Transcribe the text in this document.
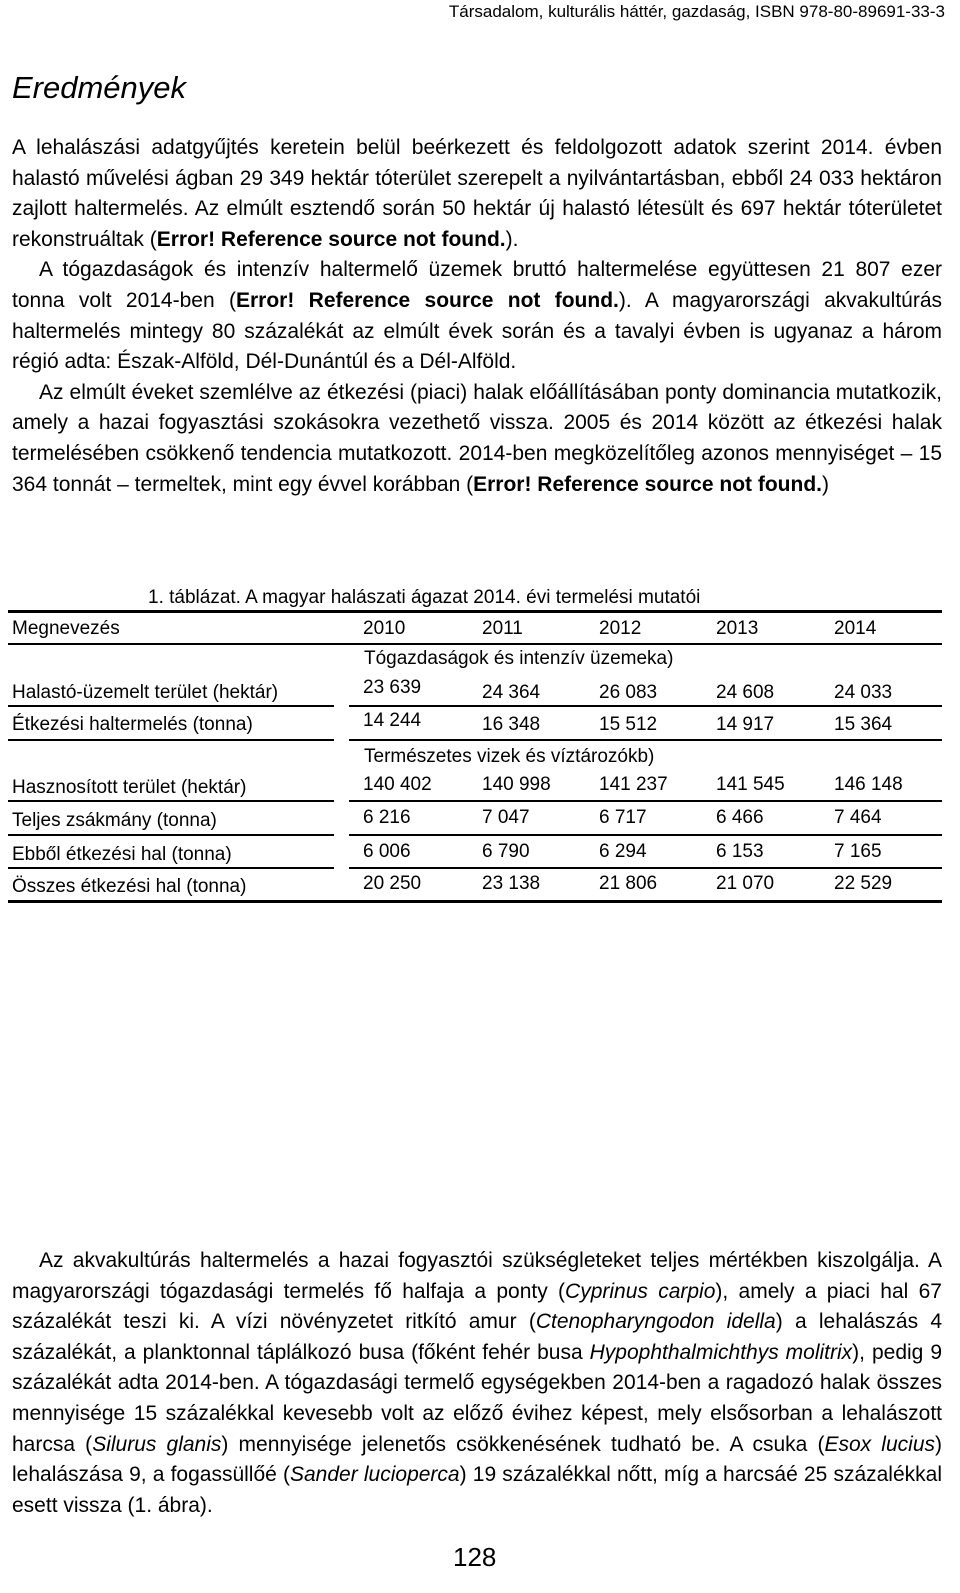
Társadalom, kulturális háttér, gazdaság, ISBN 978-80-89691-33-3
Eredmények
A lehalászási adatgyűjtés keretein belül beérkezett és feldolgozott adatok szerint 2014. évben halastó művelési ágban 29 349 hektár tóterület szerepelt a nyilvántartásban, ebből 24 033 hektáron zajlott haltermelés. Az elmúlt esztendő során 50 hektár új halastó létesült és 697 hektár tóterületet rekonstruáltak (Error! Reference source not found.).
A tógazdaságok és intenzív haltermelő üzemek bruttó haltermelése együttesen 21 807 ezer tonna volt 2014-ben (Error! Reference source not found.). A magyarországi akvakultúrás haltermelés mintegy 80 százalékát az elmúlt évek során és a tavalyi évben is ugyanaz a három régió adta: Észak-Alföld, Dél-Dunántúl és a Dél-Alföld.
Az elmúlt éveket szemlélve az étkezési (piaci) halak előállításában ponty dominancia mutatkozik, amely a hazai fogyasztási szokásokra vezethető vissza. 2005 és 2014 között az étkezési halak termelésében csökkenő tendencia mutatkozott. 2014-ben megközelítőleg azonos mennyiséget – 15 364 tonnát – termeltek, mint egy évvel korábban (Error! Reference source not found.)
1. táblázat. A magyar halászati ágazat 2014. évi termelési mutatói
Megnevezés	2010	2011	2012	2013	2014
Tógazdaságok és intenzív üzemeka)
Halastó-üzemelt terület (hektár)	23 639	24 364	26 083	24 608	24 033
Étkezési haltermelés (tonna)	14 244	16 348	15 512	14 917	15 364
Természetes vizek és víztározókb)
Hasznosított terület (hektár)	140 402	140 998	141 237	141 545	146 148
Teljes zsákmány (tonna)	6 216	7 047	6 717	6 466	7 464
Ebből étkezési hal (tonna)	6 006	6 790	6 294	6 153	7 165
Összes étkezési hal (tonna)	20 250	23 138	21 806	21 070	22 529
Az akvakultúrás haltermelés a hazai fogyasztói szükségleteket teljes mértékben kiszolgálja. A magyarországi tógazdasági termelés fő halfaja a ponty (Cyprinus carpio), amely a piaci hal 67 százalékát teszi ki. A vízi növényzetet ritkító amur (Ctenopharyngodon idella) a lehalászás 4 százalékát, a planktonnal táplálkozó busa (főként fehér busa Hypophthalmichthys molitrix), pedig 9 százalékát adta 2014-ben. A tógazdasági termelő egységekben 2014-ben a ragadozó halak összes mennyisége 15 százalékkal kevesebb volt az előző évihez képest, mely elsősorban a lehalászott harcsa (Silurus glanis) mennyisége jelenetős csökkenésének tudható be. A csuka (Esox lucius) lehalászása 9, a fogassüllőé (Sander lucioperca) 19 százalékkal nőtt, míg a harcsáé 25 százalékkal esett vissza (1. ábra).
128
